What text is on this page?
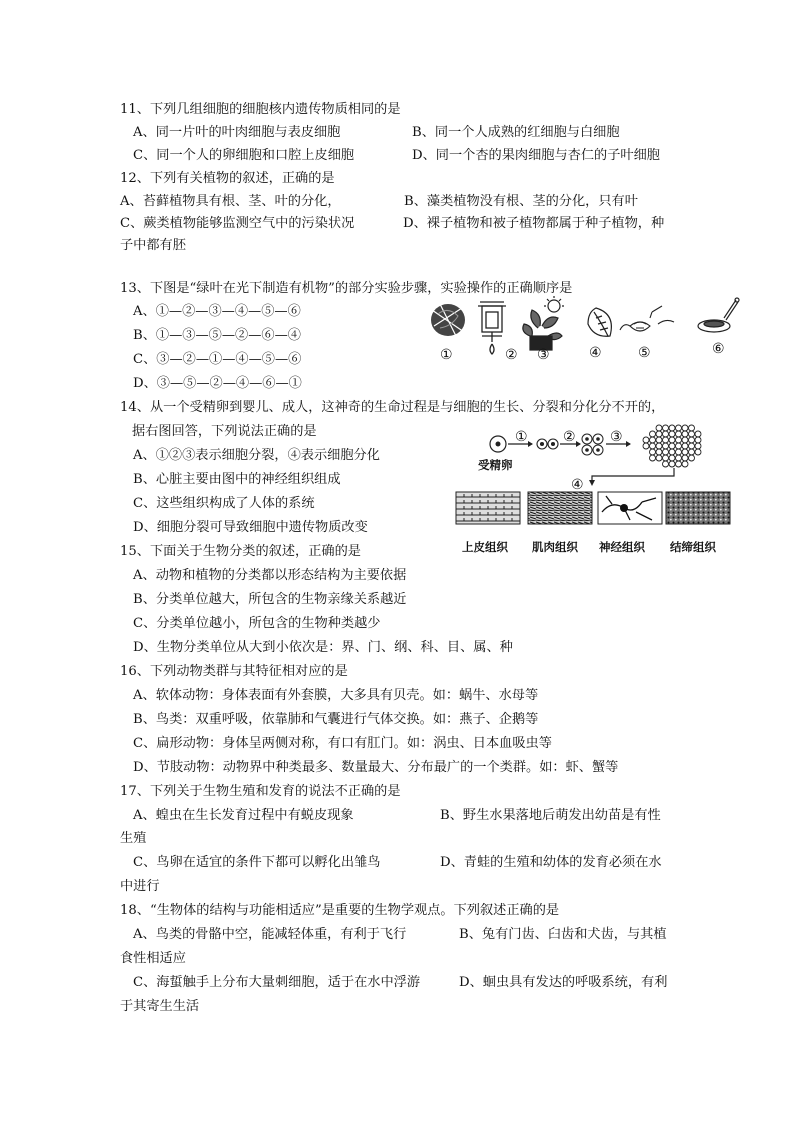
11、下列几组细胞的细胞核内遗传物质相同的是
A、同一片叶的叶肉细胞与表皮细胞	B、同一个人成熟的红细胞与白细胞
C、同一个人的卵细胞和口腔上皮细胞	D、同一个杏的果肉细胞与杏仁的子叶细胞
12、下列有关植物的叙述，正确的是
A、苔藓植物具有根、茎、叶的分化，	B、藻类植物没有根、茎的分化，只有叶
C、蕨类植物能够监测空气中的污染状况	D、裸子植物和被子植物都属于种子植物，种
子中都有胚
13、下图是“绿叶在光下制造有机物”的部分实验步骤，实验操作的正确顺序是
A、①—②—③—④—⑤—⑥
B、①—③—⑤—②—⑥—④
C、③—②—①—④—⑤—⑥
D、③—⑤—②—④—⑥—①
①	② ③	④	⑤	⑥
14、从一个受精卵到婴儿、成人，这神奇的生命过程是与细胞的生长、分裂和分化分不开的，
据右图回答，下列说法正确的是
A、①②③表示细胞分裂，④表示细胞分化
B、心脏主要由图中的神经组织组成
C、这些组织构成了人体的系统
D、细胞分裂可导致细胞中遗传物质改变
①	② ③
④
受精卵
上皮组织 肌肉组织 神经组织 结缔组织
15、下面关于生物分类的叙述，正确的是
A、动物和植物的分类都以形态结构为主要依据
B、分类单位越大，所包含的生物亲缘关系越近
C、分类单位越小，所包含的生物种类越少
D、生物分类单位从大到小依次是：界、门、纲、科、目、属、种
16、下列动物类群与其特征相对应的是
A、软体动物：身体表面有外套膜，大多具有贝壳。如：蜗牛、水母等
B、鸟类：双重呼吸，依靠肺和气囊进行气体交换。如：燕子、企鹅等
C、扁形动物：身体呈两侧对称，有口有肛门。如：涡虫、日本血吸虫等
D、节肢动物：动物界中种类最多、数量最大、分布最广的一个类群。如：虾、蟹等
17、下列关于生物生殖和发育的说法不正确的是
A、蝗虫在生长发育过程中有蜕皮现象	B、野生水果落地后萌发出幼苗是有性
生殖
C、鸟卵在适宜的条件下都可以孵化出雏鸟	D、青蛙的生殖和幼体的发育必须在水
中进行
18、“生物体的结构与功能相适应”是重要的生物学观点。下列叙述正确的是
A、鸟类的骨骼中空，能减轻体重，有利于飞行	B、兔有门齿、臼齿和犬齿，与其植
食性相适应
C、海蜇触手上分布大量刺细胞，适于在水中浮游	D、蛔虫具有发达的呼吸系统，有利
于其寄生生活
